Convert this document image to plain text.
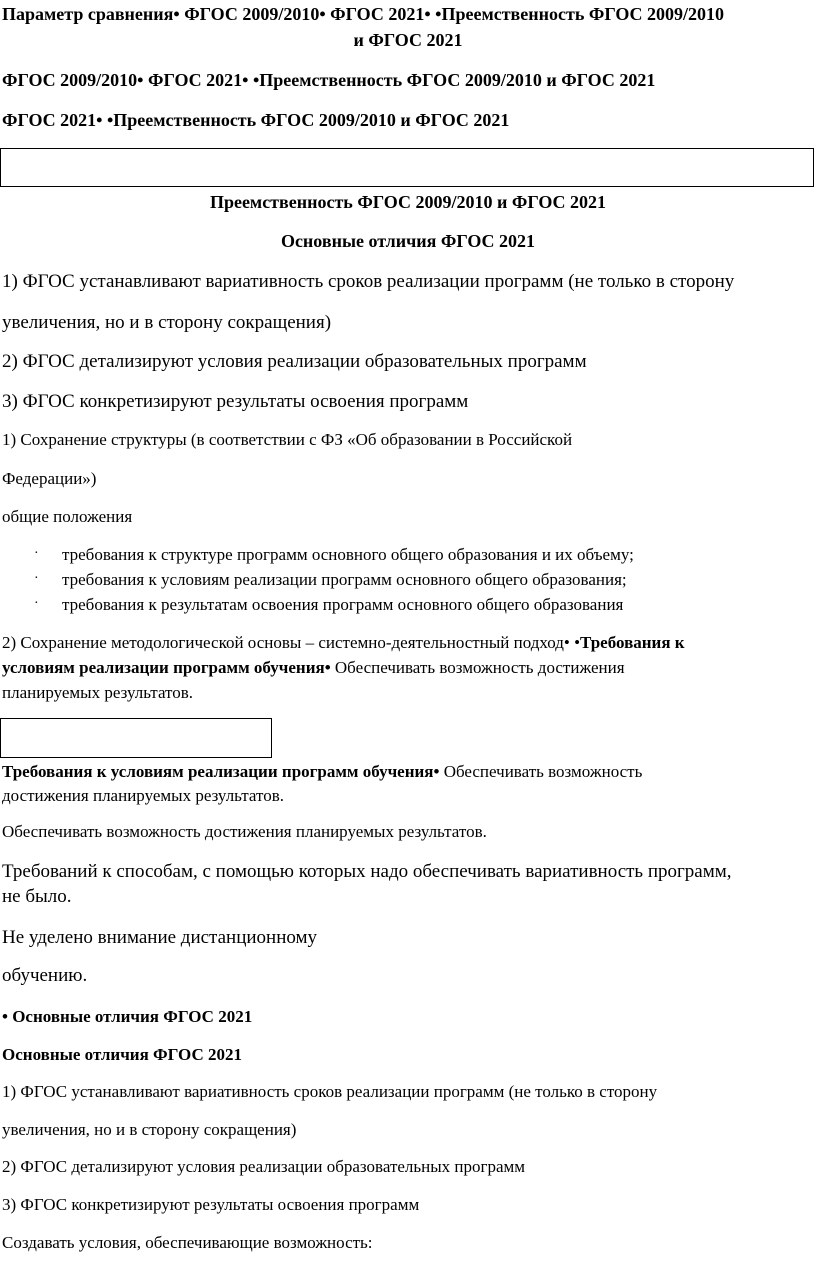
Параметр сравнения• ФГОС 2009/2010• ФГОС 2021• •Преемственность ФГОС 2009/2010
и ФГОС 2021
ФГОС 2009/2010• ФГОС 2021• •Преемственность ФГОС 2009/2010 и ФГОС 2021
ФГОС 2021• •Преемственность ФГОС 2009/2010 и ФГОС 2021
Преемственность ФГОС 2009/2010 и ФГОС 2021
Основные отличия ФГОС 2021
1) ФГОС устанавливают вариативность сроков реализации программ (не только в сторону
увеличения, но и в сторону сокращения)
2) ФГОС детализируют условия реализации образовательных программ
3) ФГОС конкретизируют результаты освоения программ
1) Сохранение структуры (в соответствии с ФЗ «Об образовании в Российской
Федерации»)
общие положения
· требования к структуре программ основного общего образования и их объему;
· требования к условиям реализации программ основного общего образования;
· требования к результатам освоения программ основного общего образования
2) Сохранение методологической основы – системно-деятельностный подход• •Требования к
условиям реализации программ обучения• Обеспечивать возможность достижения
планируемых результатов.
Требования к условиям реализации программ обучения• Обеспечивать возможность
достижения планируемых результатов.
Обеспечивать возможность достижения планируемых результатов.
Требований к способам, с помощью которых надо обеспечивать вариативность программ,
не было.
Не уделено внимание дистанционному
обучению.
• Основные отличия ФГОС 2021
Основные отличия ФГОС 2021
1) ФГОС устанавливают вариативность сроков реализации программ (не только в сторону
увеличения, но и в сторону сокращения)
2) ФГОС детализируют условия реализации образовательных программ
3) ФГОС конкретизируют результаты освоения программ
Создавать условия, обеспечивающие возможность:
